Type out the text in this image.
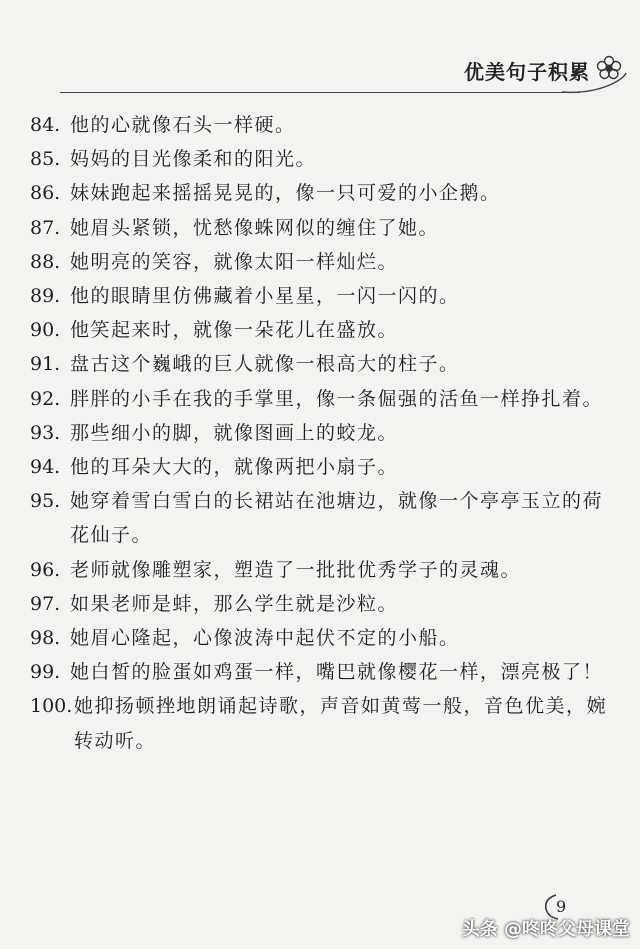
优美句子积累
84. 他的心就像石头一样硬。
85. 妈妈的目光像柔和的阳光。
86. 妹妹跑起来摇摇晃晃的，像一只可爱的小企鹅。
87. 她眉头紧锁，忧愁像蛛网似的缠住了她。
88. 她明亮的笑容，就像太阳一样灿烂。
89. 他的眼睛里仿佛藏着小星星，一闪一闪的。
90. 他笑起来时，就像一朵花儿在盛放。
91. 盘古这个巍峨的巨人就像一根高大的柱子。
92. 胖胖的小手在我的手掌里，像一条倔强的活鱼一样挣扎着。
93. 那些细小的脚，就像图画上的蛟龙。
94. 他的耳朵大大的，就像两把小扇子。
95. 她穿着雪白雪白的长裙站在池塘边，就像一个亭亭玉立的荷花仙子。
96. 老师就像雕塑家，塑造了一批批优秀学子的灵魂。
97. 如果老师是蚌，那么学生就是沙粒。
98. 她眉心隆起，心像波涛中起伏不定的小船。
99. 她白皙的脸蛋如鸡蛋一样，嘴巴就像樱花一样，漂亮极了！
100. 她抑扬顿挫地朗诵起诗歌，声音如黄莺一般，音色优美，婉转动听。
9
头条 @咚咚父母课堂
